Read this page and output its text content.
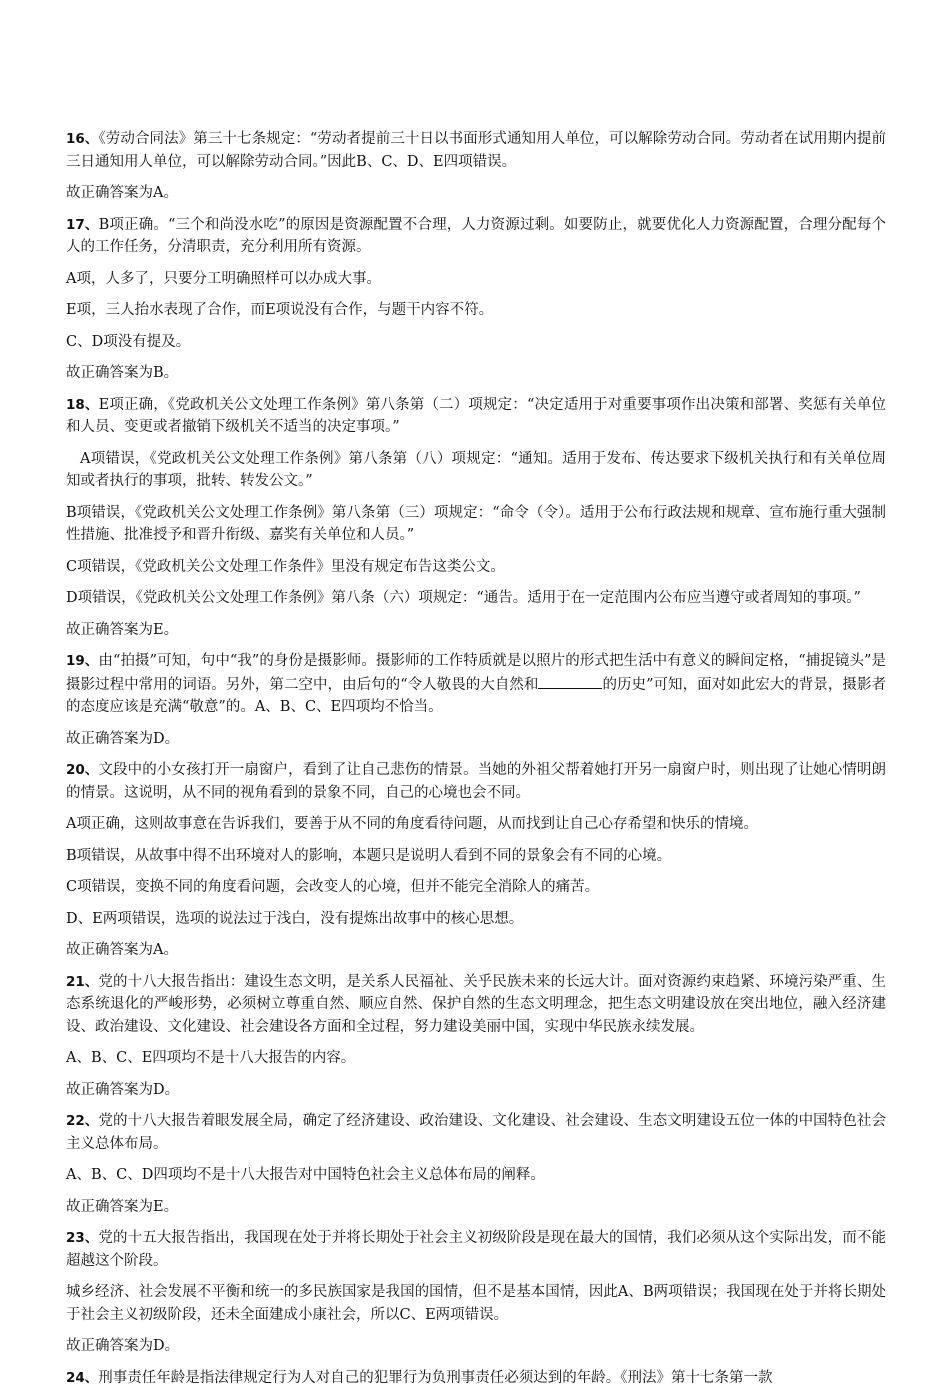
16、《劳动合同法》第三十七条规定：“劳动者提前三十日以书面形式通知用人单位，可以解除劳动合同。劳动者在试用期内提前三日通知用人单位，可以解除劳动合同。”因此B、C、D、E四项错误。

故正确答案为A。

17、B项正确。“三个和尚没水吃”的原因是资源配置不合理，人力资源过剩。如要防止，就要优化人力资源配置，合理分配每个人的工作任务，分清职责，充分利用所有资源。

A项，人多了，只要分工明确照样可以办成大事。

E项，三人抬水表现了合作，而E项说没有合作，与题干内容不符。

C、D项没有提及。

故正确答案为B。

18、E项正确，《党政机关公文处理工作条例》第八条第（二）项规定：“决定适用于对重要事项作出决策和部署、奖惩有关单位和人员、变更或者撤销下级机关不适当的决定事项。”

A项错误，《党政机关公文处理工作条例》第八条第（八）项规定：“通知。适用于发布、传达要求下级机关执行和有关单位周知或者执行的事项，批转、转发公文。”

B项错误，《党政机关公文处理工作条例》第八条第（三）项规定：“命令（令）。适用于公布行政法规和规章、宣布施行重大强制性措施、批准授予和晋升衔级、嘉奖有关单位和人员。”

C项错误，《党政机关公文处理工作条件》里没有规定布告这类公文。

D项错误，《党政机关公文处理工作条例》第八条（六）项规定：“通告。适用于在一定范围内公布应当遵守或者周知的事项。”

故正确答案为E。

19、由“拍摄”可知，句中“我”的身份是摄影师。摄影师的工作特质就是以照片的形式把生活中有意义的瞬间定格，“捕捉镜头”是摄影过程中常用的词语。另外，第二空中，由后句的“令人敬畏的大自然和	的历史”可知，面对如此宏大的背景，摄影者的态度应该是充满“敬意”的。A、B、C、E四项均不恰当。

故正确答案为D。

20、文段中的小女孩打开一扇窗户，看到了让自己悲伤的情景。当她的外祖父帮着她打开另一扇窗户时，则出现了让她心情明朗的情景。这说明，从不同的视角看到的景象不同，自己的心境也会不同。

A项正确，这则故事意在告诉我们，要善于从不同的角度看待问题，从而找到让自己心存希望和快乐的情境。

B项错误，从故事中得不出环境对人的影响，本题只是说明人看到不同的景象会有不同的心境。

C项错误，变换不同的角度看问题，会改变人的心境，但并不能完全消除人的痛苦。

D、E两项错误，选项的说法过于浅白，没有提炼出故事中的核心思想。

故正确答案为A。

21、党的十八大报告指出：建设生态文明，是关系人民福祉、关乎民族未来的长远大计。面对资源约束趋紧、环境污染严重、生态系统退化的严峻形势，必须树立尊重自然、顺应自然、保护自然的生态文明理念，把生态文明建设放在突出地位，融入经济建设、政治建设、文化建设、社会建设各方面和全过程，努力建设美丽中国，实现中华民族永续发展。

A、B、C、E四项均不是十八大报告的内容。

故正确答案为D。

22、党的十八大报告着眼发展全局，确定了经济建设、政治建设、文化建设、社会建设、生态文明建设五位一体的中国特色社会主义总体布局。

A、B、C、D四项均不是十八大报告对中国特色社会主义总体布局的阐释。

故正确答案为E。

23、党的十五大报告指出，我国现在处于并将长期处于社会主义初级阶段是现在最大的国情，我们必须从这个实际出发，而不能超越这个阶段。

城乡经济、社会发展不平衡和统一的多民族国家是我国的国情，但不是基本国情，因此A、B两项错误；我国现在处于并将长期处于社会主义初级阶段，还未全面建成小康社会，所以C、E两项错误。

故正确答案为D。

24、刑事责任年龄是指法律规定行为人对自己的犯罪行为负刑事责任必须达到的年龄。《刑法》第十七条第一款
